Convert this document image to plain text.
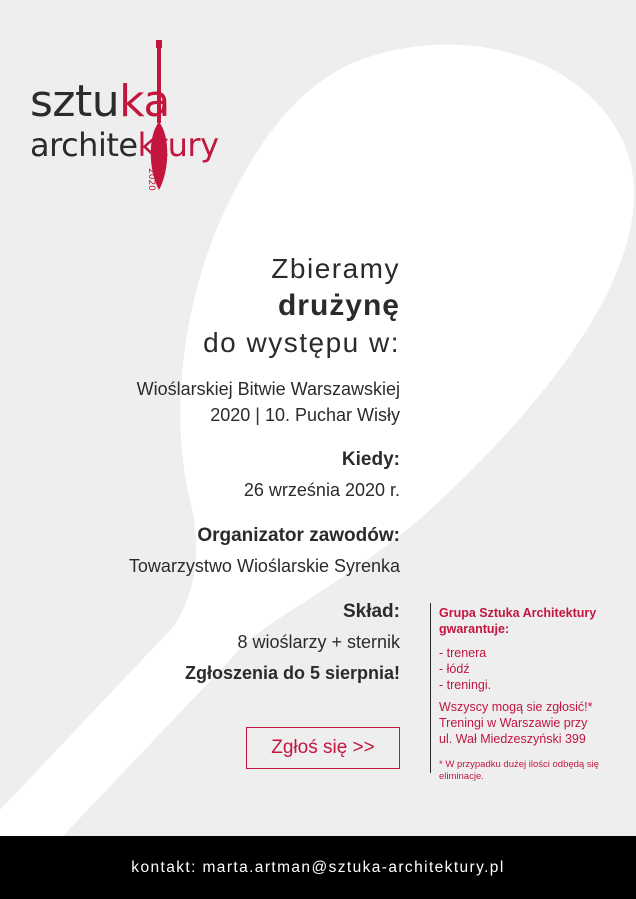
sztuka
architektury
2020
Zbieramy
drużynę
do występu w:
Wioślarskiej Bitwie Warszawskiej
2020 | 10. Puchar Wisły
Kiedy:
26 września 2020 r.
Organizator zawodów:
Towarzystwo Wioślarskie Syrenka
Skład:
8 wioślarzy + sternik
Zgłoszenia do 5 sierpnia!
Zgłoś się >>
Grupa Sztuka Architektury
gwarantuje:
- trenera
- łódź
- treningi.
Wszyscy mogą sie zgłosić!*
Treningi w Warszawie przy
ul. Wał Miedzeszyński 399
* W przypadku dużej ilości odbędą się
eliminacje.
kontakt: marta.artman@sztuka-architektury.pl
